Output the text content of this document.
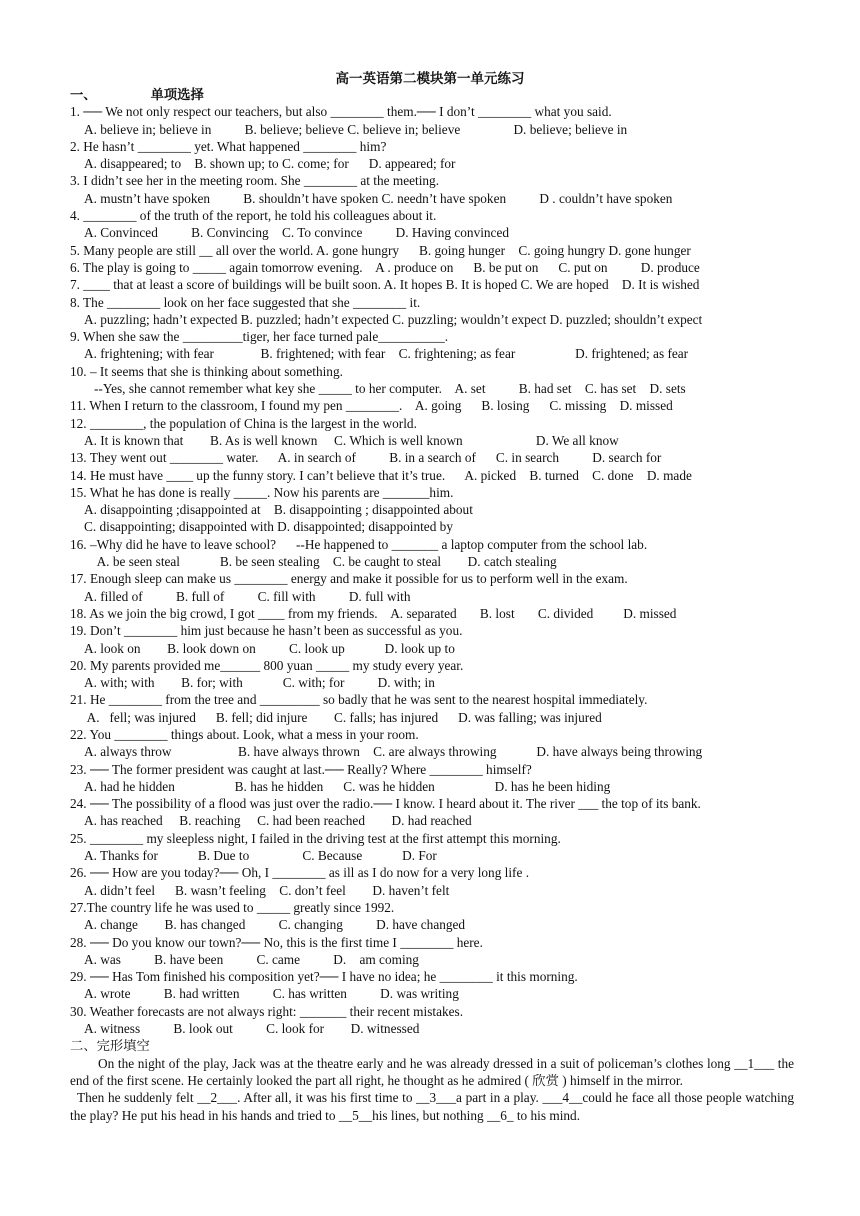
高一英语第二模块第一单元练习
一、	单项选择
1. ── We not only respect our teachers, but also ________ them.── I don’t ________ what you said.
A. believe in; believe in          B. believe; believe C. believe in; believe                D. believe; believe in
2. He hasn’t ________ yet. What happened ________ him?
A. disappeared; to    B. shown up; to C. come; for      D. appeared; for
3. I didn’t see her in the meeting room. She ________ at the meeting.
A. mustn’t have spoken          B. shouldn’t have spoken C. needn’t have spoken          D . couldn’t have spoken
4. ________ of the truth of the report, he told his colleagues about it.
A. Convinced          B. Convincing    C. To convince          D. Having convinced
5. Many people are still __ all over the world. A. gone hungry      B. going hunger    C. going hungry D. gone hunger
6. The play is going to _____ again tomorrow evening.    A . produce on      B. be put on      C. put on          D. produce
7. ____ that at least a score of buildings will be built soon. A. It hopes B. It is hoped C. We are hoped    D. It is wished
8. The ________ look on her face suggested that she ________ it.
A. puzzling; hadn’t expected B. puzzled; hadn’t expected C. puzzling; wouldn’t expect D. puzzled; shouldn’t expect
9. When she saw the _________tiger, her face turned pale__________.
A. frightening; with fear              B. frightened; with fear    C. frightening; as fear                  D. frightened; as fear
10. – It seems that she is thinking about something.
--Yes, she cannot remember what key she _____ to her computer.    A. set          B. had set    C. has set    D. sets
11. When I return to the classroom, I found my pen ________.    A. going      B. losing      C. missing    D. missed
12. ________, the population of China is the largest in the world.
A. It is known that        B. As is well known     C. Which is well known                      D. We all know
13. They went out ________ water.      A. in search of          B. in a search of      C. in search          D. search for
14. He must have ____ up the funny story. I can’t believe that it’s true.      A. picked    B. turned    C. done    D. made
15. What he has done is really _____. Now his parents are _______him.
A. disappointing ;disappointed at    B. disappointing ; disappointed about
C. disappointing; disappointed with D. disappointed; disappointed by
16. –Why did he have to leave school?      --He happened to _______ a laptop computer from the school lab.
A. be seen steal            B. be seen stealing    C. be caught to steal        D. catch stealing
17. Enough sleep can make us ________ energy and make it possible for us to perform well in the exam.
A. filled of          B. full of          C. fill with          D. full with
18. As we join the big crowd, I got ____ from my friends.    A. separated       B. lost       C. divided         D. missed
19. Don’t ________ him just because he hasn’t been as successful as you.
A. look on        B. look down on          C. look up            D. look up to
20. My parents provided me______ 800 yuan _____ my study every year.
A. with; with        B. for; with            C. with; for          D. with; in
21. He ________ from the tree and _________ so badly that he was sent to the nearest hospital immediately.
A.   fell; was injured      B. fell; did injure        C. falls; has injured      D. was falling; was injured
22. You ________ things about. Look, what a mess in your room.
A. always throw                    B. have always thrown    C. are always throwing            D. have always being throwing
23. ── The former president was caught at last.── Really? Where ________ himself?
A. had he hidden                  B. has he hidden      C. was he hidden                  D. has he been hiding
24. ── The possibility of a flood was just over the radio.── I know. I heard about it. The river ___ the top of its bank.
A. has reached     B. reaching     C. had been reached        D. had reached
25. ________ my sleepless night, I failed in the driving test at the first attempt this morning.
A. Thanks for            B. Due to                C. Because            D. For
26. ── How are you today?── Oh, I ________ as ill as I do now for a very long life .
A. didn’t feel      B. wasn’t feeling    C. don’t feel        D. haven’t felt
27.The country life he was used to _____ greatly since 1992.
A. change        B. has changed          C. changing          D. have changed
28. ── Do you know our town?── No, this is the first time I ________ here.
A. was          B. have been          C. came          D.    am coming
29. ── Has Tom finished his composition yet?── I have no idea; he ________ it this morning.
A. wrote          B. had written          C. has written          D. was writing
30. Weather forecasts are not always right: _______ their recent mistakes.
A. witness          B. look out          C. look for        D. witnessed
二、完形填空

On the night of the play, Jack was at the theatre early and he was already dressed in a suit of policeman’s clothes long __1___ the end of the first scene. He certainly looked the part all right, he thought as he admired ( 欣赏 ) himself in the mirror.

Then he suddenly felt __2___. After all, it was his first time to __3___a part in a play. ___4__could he face all those people watching the play? He put his head in his hands and tried to __5__his lines, but nothing __6_ to his mind.
